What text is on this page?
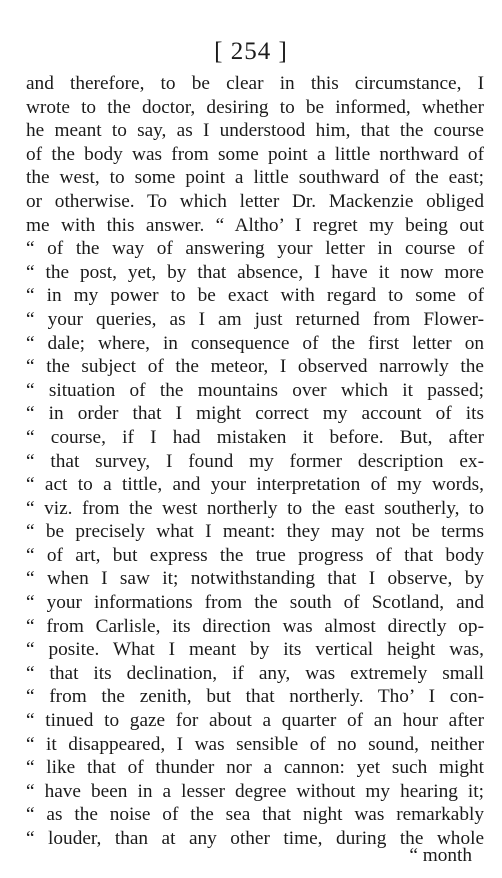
[ 254 ]
and therefore, to be clear in this circumstance, I
wrote to the doctor, desiring to be informed, whether
he meant to say, as I understood him, that the course
of the body was from some point a little northward of
the west, to some point a little southward of the east;
or otherwise. To which letter Dr. Mackenzie obliged
me with this answer. “ Altho’ I regret my being out
“ of the way of answering your letter in course of
“ the post, yet, by that absence, I have it now more
“ in my power to be exact with regard to some of
“ your queries, as I am just returned from Flower-
“ dale; where, in consequence of the first letter on
“ the subject of the meteor, I observed narrowly the
“ situation of the mountains over which it passed;
“ in order that I might correct my account of its
“ course, if I had mistaken it before. But, after
“ that survey, I found my former description ex-
“ act to a tittle, and your interpretation of my words,
“ viz. from the west northerly to the east southerly, to
“ be precisely what I meant: they may not be terms
“ of art, but express the true progress of that body
“ when I saw it; notwithstanding that I observe, by
“ your informations from the south of Scotland, and
“ from Carlisle, its direction was almost directly op-
“ posite. What I meant by its vertical height was,
“ that its declination, if any, was extremely small
“ from the zenith, but that northerly. Tho’ I con-
“ tinued to gaze for about a quarter of an hour after
“ it disappeared, I was sensible of no sound, neither
“ like that of thunder nor a cannon: yet such might
“ have been in a lesser degree without my hearing it;
“ as the noise of the sea that night was remarkably
“ louder, than at any other time, during the whole
“ month
